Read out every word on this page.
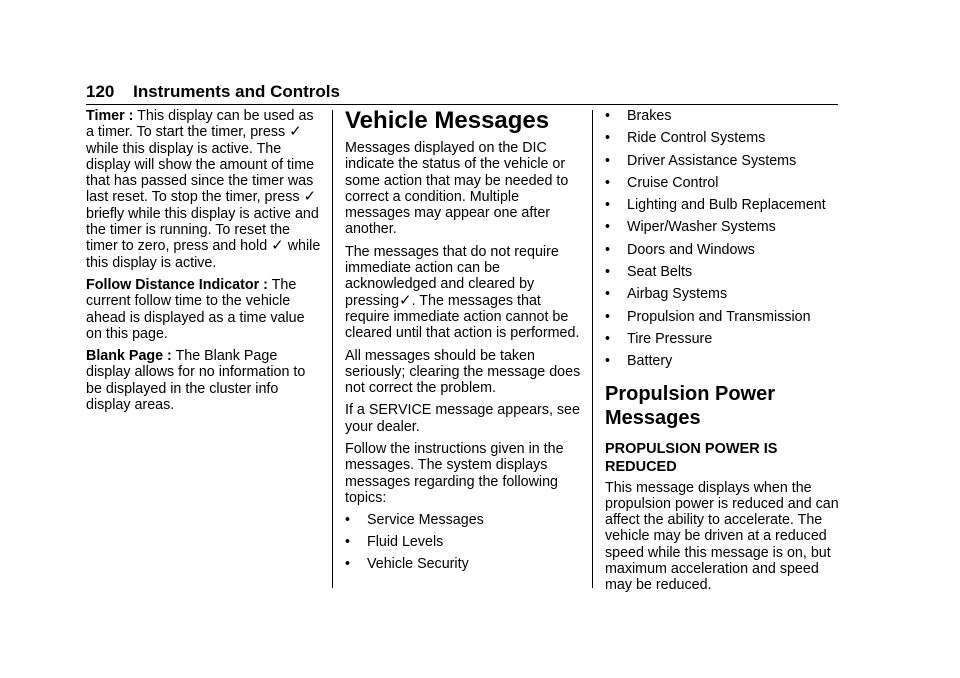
120 Instruments and Controls

Timer : This display can be used as a timer. To start the timer, press ✓ while this display is active. The display will show the amount of time that has passed since the timer was last reset. To stop the timer, press ✓ briefly while this display is active and the timer is running. To reset the timer to zero, press and hold ✓ while this display is active.

Follow Distance Indicator : The current follow time to the vehicle ahead is displayed as a time value on this page.

Blank Page : The Blank Page display allows for no information to be displayed in the cluster info display areas.

Vehicle Messages

Messages displayed on the DIC indicate the status of the vehicle or some action that may be needed to correct a condition. Multiple messages may appear one after another.

The messages that do not require immediate action can be acknowledged and cleared by pressing✓. The messages that require immediate action cannot be cleared until that action is performed.

All messages should be taken seriously; clearing the message does not correct the problem.

If a SERVICE message appears, see your dealer.

Follow the instructions given in the messages. The system displays messages regarding the following topics:

• Service Messages
• Fluid Levels
• Vehicle Security
• Brakes
• Ride Control Systems
• Driver Assistance Systems
• Cruise Control
• Lighting and Bulb Replacement
• Wiper/Washer Systems
• Doors and Windows
• Seat Belts
• Airbag Systems
• Propulsion and Transmission
• Tire Pressure
• Battery
Propulsion Power Messages
PROPULSION POWER IS REDUCED

This message displays when the propulsion power is reduced and can affect the ability to accelerate. The vehicle may be driven at a reduced speed while this message is on, but maximum acceleration and speed may be reduced.
